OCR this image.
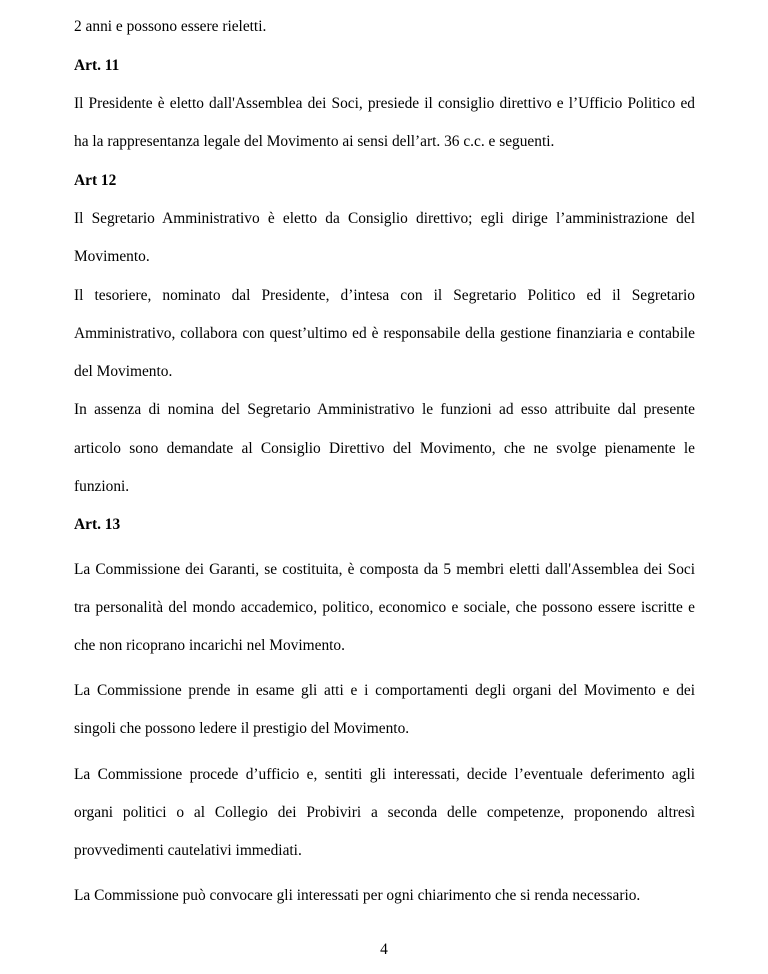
2 anni e possono essere rieletti.
Art. 11
Il Presidente è eletto dall'Assemblea dei Soci, presiede il consiglio direttivo e l’Ufficio Politico ed
ha la rappresentanza legale del Movimento ai sensi dell’art. 36 c.c. e seguenti.
Art 12
Il Segretario Amministrativo è eletto da Consiglio direttivo; egli dirige l’amministrazione del
Movimento.
Il tesoriere, nominato dal Presidente, d’intesa con il Segretario Politico ed il Segretario
Amministrativo, collabora con quest’ultimo ed è responsabile della gestione finanziaria e contabile
del Movimento.
In assenza di nomina del Segretario Amministrativo le funzioni ad esso attribuite dal presente
articolo sono demandate al Consiglio Direttivo del Movimento, che ne svolge pienamente le
funzioni.
Art. 13
La Commissione dei Garanti, se costituita, è composta da 5 membri eletti dall'Assemblea dei Soci
tra personalità del mondo accademico, politico, economico e sociale, che possono essere iscritte e
che non ricoprano incarichi nel Movimento.
La Commissione prende in esame gli atti e i comportamenti degli organi del Movimento e dei
singoli che possono ledere il prestigio del Movimento.
La Commissione procede d’ufficio e, sentiti gli interessati, decide l’eventuale deferimento agli
organi politici o al Collegio dei Probiviri a seconda delle competenze, proponendo altresì
provvedimenti cautelativi immediati.
La Commissione può convocare gli interessati per ogni chiarimento che si renda necessario.
4
